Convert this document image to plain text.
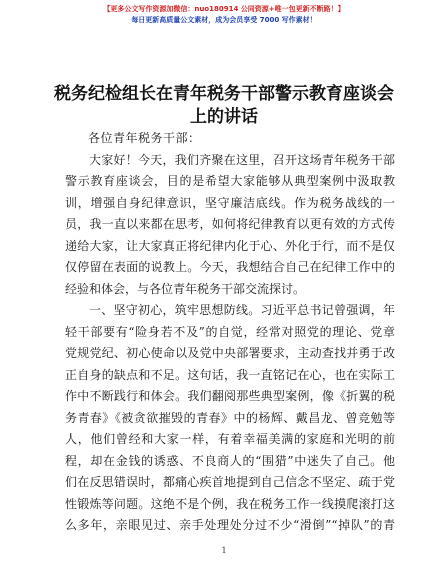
【更多公文写作资源加微信：nuo180914 公同资源+唯一包更新不断路！】
每日更新高质量公文素材，成为会员享受 7000 写作素材！
税务纪检组长在青年税务干部警示教育座谈会
上的讲话
各位青年税务干部：
大家好！今天，我们齐聚在这里，召开这场青年税务干部
警示教育座谈会，目的是希望大家能够从典型案例中汲取教
训，增强自身纪律意识，坚守廉洁底线。作为税务战线的一
员，我一直以来都在思考，如何将纪律教育以更有效的方式传
递给大家，让大家真正将纪律内化于心、外化于行，而不是仅
仅停留在表面的说教上。今天，我想结合自己在纪律工作中的
经验和体会，与各位青年税务干部交流探讨。
一、坚守初心，筑牢思想防线。习近平总书记曾强调，年
轻干部要有“险身若不及”的自觉，经常对照党的理论、党章
党规党纪、初心使命以及党中央部署要求，主动查找并勇于改
正自身的缺点和不足。这句话，我一直铭记在心，也在实际工
作中不断践行和体会。我们翻阅那些典型案例，像《折翼的税
务青春》《被贪欲摧毁的青春》中的杨辉、戴昌龙、曾竞勉等
人，他们曾经和大家一样，有着幸福美满的家庭和光明的前
程，却在金钱的诱惑、不良商人的“围猎”中迷失了自己。他
们在反思错误时，都痛心疾首地提到自己信念不坚定、疏于党
性锻炼等问题。这绝不是个例，我在税务工作一线摸爬滚打这
么多年，亲眼见过、亲手处理处分过不少“滑倒”“掉队”的青
1
